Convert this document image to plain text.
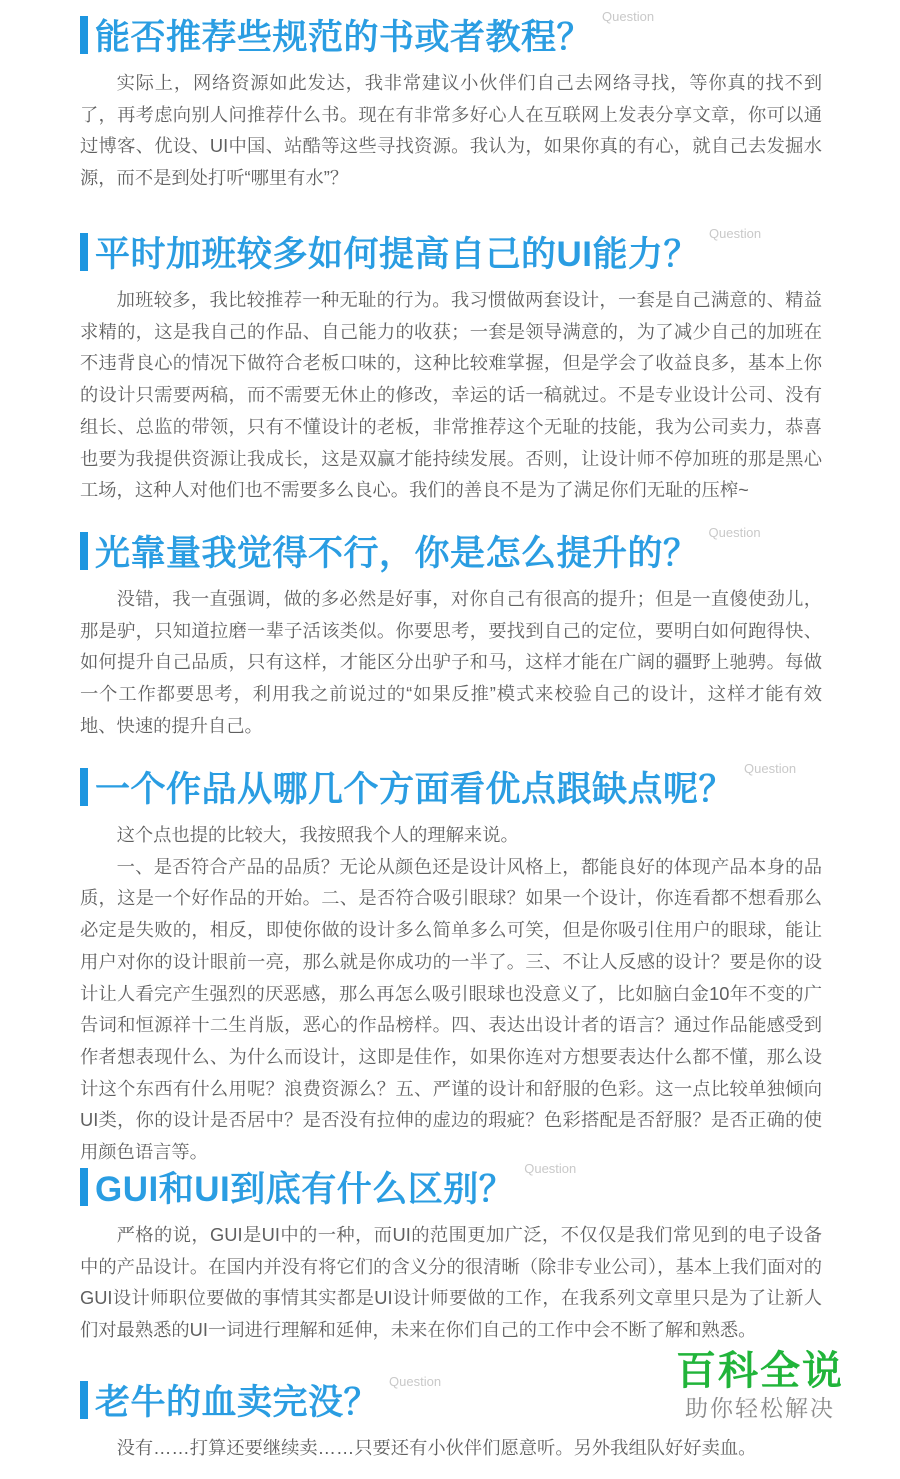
能否推荐些规范的书或者教程？
Question

实际上，网络资源如此发达，我非常建议小伙伴们自己去网络寻找，等你真的找不到了，再考虑向别人问推荐什么书。现在有非常多好心人在互联网上发表分享文章，你可以通过博客、优设、UI中国、站酷等这些寻找资源。我认为，如果你真的有心，就自己去发掘水源，而不是到处打听“哪里有水”？

平时加班较多如何提高自己的UI能力？
Question

加班较多，我比较推荐一种无耻的行为。我习惯做两套设计，一套是自己满意的、精益求精的，这是我自己的作品、自己能力的收获；一套是领导满意的，为了减少自己的加班在不违背良心的情况下做符合老板口味的，这种比较难掌握，但是学会了收益良多，基本上你的设计只需要两稿，而不需要无休止的修改，幸运的话一稿就过。不是专业设计公司、没有组长、总监的带领，只有不懂设计的老板，非常推荐这个无耻的技能，我为公司卖力，恭喜也要为我提供资源让我成长，这是双赢才能持续发展。否则，让设计师不停加班的那是黑心工场，这种人对他们也不需要多么良心。我们的善良不是为了满足你们无耻的压榨~

光靠量我觉得不行，你是怎么提升的？
Question

没错，我一直强调，做的多必然是好事，对你自己有很高的提升；但是一直傻使劲儿，那是驴，只知道拉磨一辈子活该类似。你要思考，要找到自己的定位，要明白如何跑得快、如何提升自己品质，只有这样，才能区分出驴子和马，这样才能在广阔的疆野上驰骋。每做一个工作都要思考，利用我之前说过的“如果反推”模式来校验自己的设计，这样才能有效地、快速的提升自己。

一个作品从哪几个方面看优点跟缺点呢？
Question

这个点也提的比较大，我按照我个人的理解来说。

一、是否符合产品的品质？无论从颜色还是设计风格上，都能良好的体现产品本身的品质，这是一个好作品的开始。二、是否符合吸引眼球？如果一个设计，你连看都不想看那么必定是失败的，相反，即使你做的设计多么简单多么可笑，但是你吸引住用户的眼球，能让用户对你的设计眼前一亮，那么就是你成功的一半了。三、不让人反感的设计？要是你的设计让人看完产生强烈的厌恶感，那么再怎么吸引眼球也没意义了，比如脑白金10年不变的广告词和恒源祥十二生肖版，恶心的作品榜样。四、表达出设计者的语言？通过作品能感受到作者想表现什么、为什么而设计，这即是佳作，如果你连对方想要表达什么都不懂，那么设计这个东西有什么用呢？浪费资源么？五、严谨的设计和舒服的色彩。这一点比较单独倾向UI类，你的设计是否居中？是否没有拉伸的虚边的瑕疵？色彩搭配是否舒服？是否正确的使用颜色语言等。

GUI和UI到底有什么区别？
Question

严格的说，GUI是UI中的一种，而UI的范围更加广泛，不仅仅是我们常见到的电子设备中的产品设计。在国内并没有将它们的含义分的很清晰（除非专业公司），基本上我们面对的GUI设计师职位要做的事情其实都是UI设计师要做的工作，在我系列文章里只是为了让新人们对最熟悉的UI一词进行理解和延伸，未来在你们自己的工作中会不断了解和熟悉。

老牛的血卖完没？
Question

没有……打算还要继续卖……只要还有小伙伴们愿意听。另外我组队好好卖血。

百科全说
助你轻松解决
